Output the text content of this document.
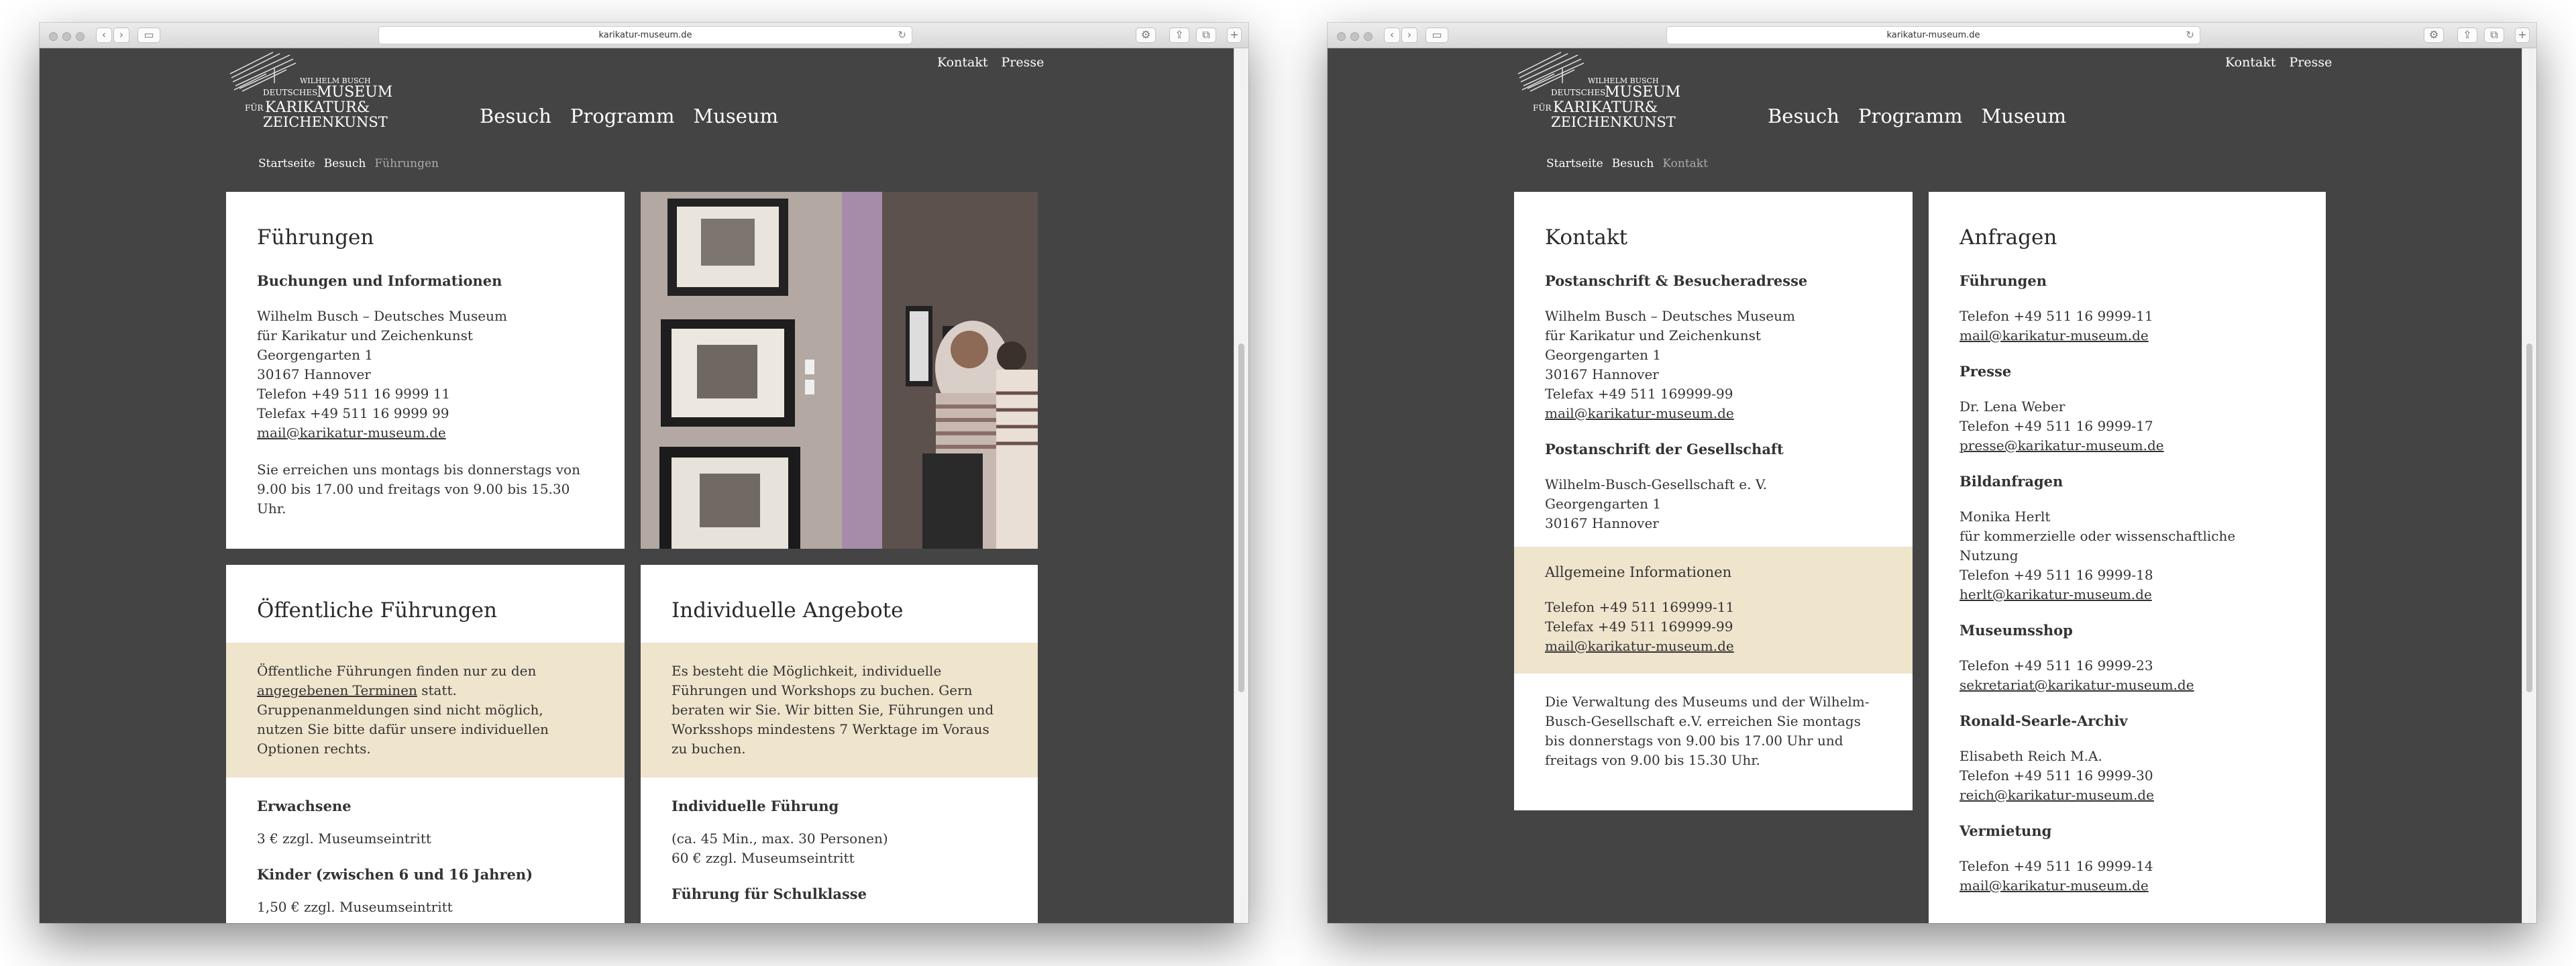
‹	›	▭	karikatur-museum.de	↻	⚙	⇪	⧉	+
WILHELM BUSCH
DEUTSCHES
MUSEUM
FÜR KARIKATUR&
ZEICHENKUNST
Kontakt Presse
Besuch Programm Museum
Startseite Besuch Führungen
Führungen
Buchungen und Informationen

Wilhelm Busch – Deutsches Museum
für Karikatur und Zeichenkunst
Georgengarten 1
30167 Hannover
Telefon +49 511 16 9999 11
Telefax +49 511 16 9999 99
mail@karikatur-museum.de

Sie erreichen uns montags bis donnerstags von 9.00 bis 17.00 und freitags von 9.00 bis 15.30 Uhr.

Öffentliche Führungen

Öffentliche Führungen finden nur zu den angegebenen Terminen statt. Gruppenanmeldungen sind nicht möglich, nutzen Sie bitte dafür unsere individuellen Optionen rechts.

Erwachsene

3 € zzgl. Museumseintritt

Kinder (zwischen 6 und 16 Jahren)

1,50 € zzgl. Museumseintritt

Individuelle Angebote

Es besteht die Möglichkeit, individuelle Führungen und Workshops zu buchen. Gern beraten wir Sie. Wir bitten Sie, Führungen und Worksshops mindestens 7 Werktage im Voraus zu buchen.

Individuelle Führung

(ca. 45 Min., max. 30 Personen)
60 € zzgl. Museumseintritt

Führung für Schulklasse
‹	›	▭	karikatur-museum.de	↻	⚙	⇪	⧉	+
WILHELM BUSCH
DEUTSCHES
MUSEUM
FÜR KARIKATUR&
ZEICHENKUNST
Kontakt Presse
Besuch Programm Museum
Startseite Besuch Kontakt
Kontakt
Postanschrift & Besucheradresse

Wilhelm Busch – Deutsches Museum
für Karikatur und Zeichenkunst
Georgengarten 1
30167 Hannover
Telefax +49 511 169999-99
mail@karikatur-museum.de

Postanschrift der Gesellschaft

Wilhelm-Busch-Gesellschaft e. V.
Georgengarten 1
30167 Hannover

Allgemeine Informationen

Telefon +49 511 169999-11
Telefax +49 511 169999-99
mail@karikatur-museum.de

Die Verwaltung des Museums und der Wilhelm-Busch-Gesellschaft e.V. erreichen Sie montags bis donnerstags von 9.00 bis 17.00 Uhr und freitags von 9.00 bis 15.30 Uhr.

Anfragen
Führungen

Telefon +49 511 16 9999-11
mail@karikatur-museum.de

Presse

Dr. Lena Weber
Telefon +49 511 16 9999-17
presse@karikatur-museum.de

Bildanfragen

Monika Herlt
für kommerzielle oder wissenschaftliche Nutzung
Telefon +49 511 16 9999-18
herlt@karikatur-museum.de

Museumsshop

Telefon +49 511 16 9999-23
sekretariat@karikatur-museum.de

Ronald-Searle-Archiv

Elisabeth Reich M.A.
Telefon +49 511 16 9999-30
reich@karikatur-museum.de

Vermietung

Telefon +49 511 16 9999-14
mail@karikatur-museum.de
